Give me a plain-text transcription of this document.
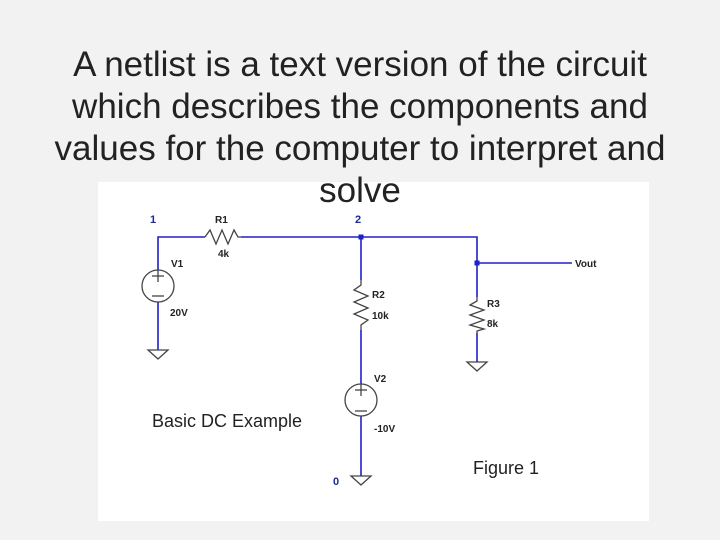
1	2
0
Vout
R1
4k
R2
10k
R3
8k
V1
20V
V2
-10V
Basic DC Example
Figure 1
A netlist is a text version of the circuit
which describes the components and
values for the computer to interpret and
solve
